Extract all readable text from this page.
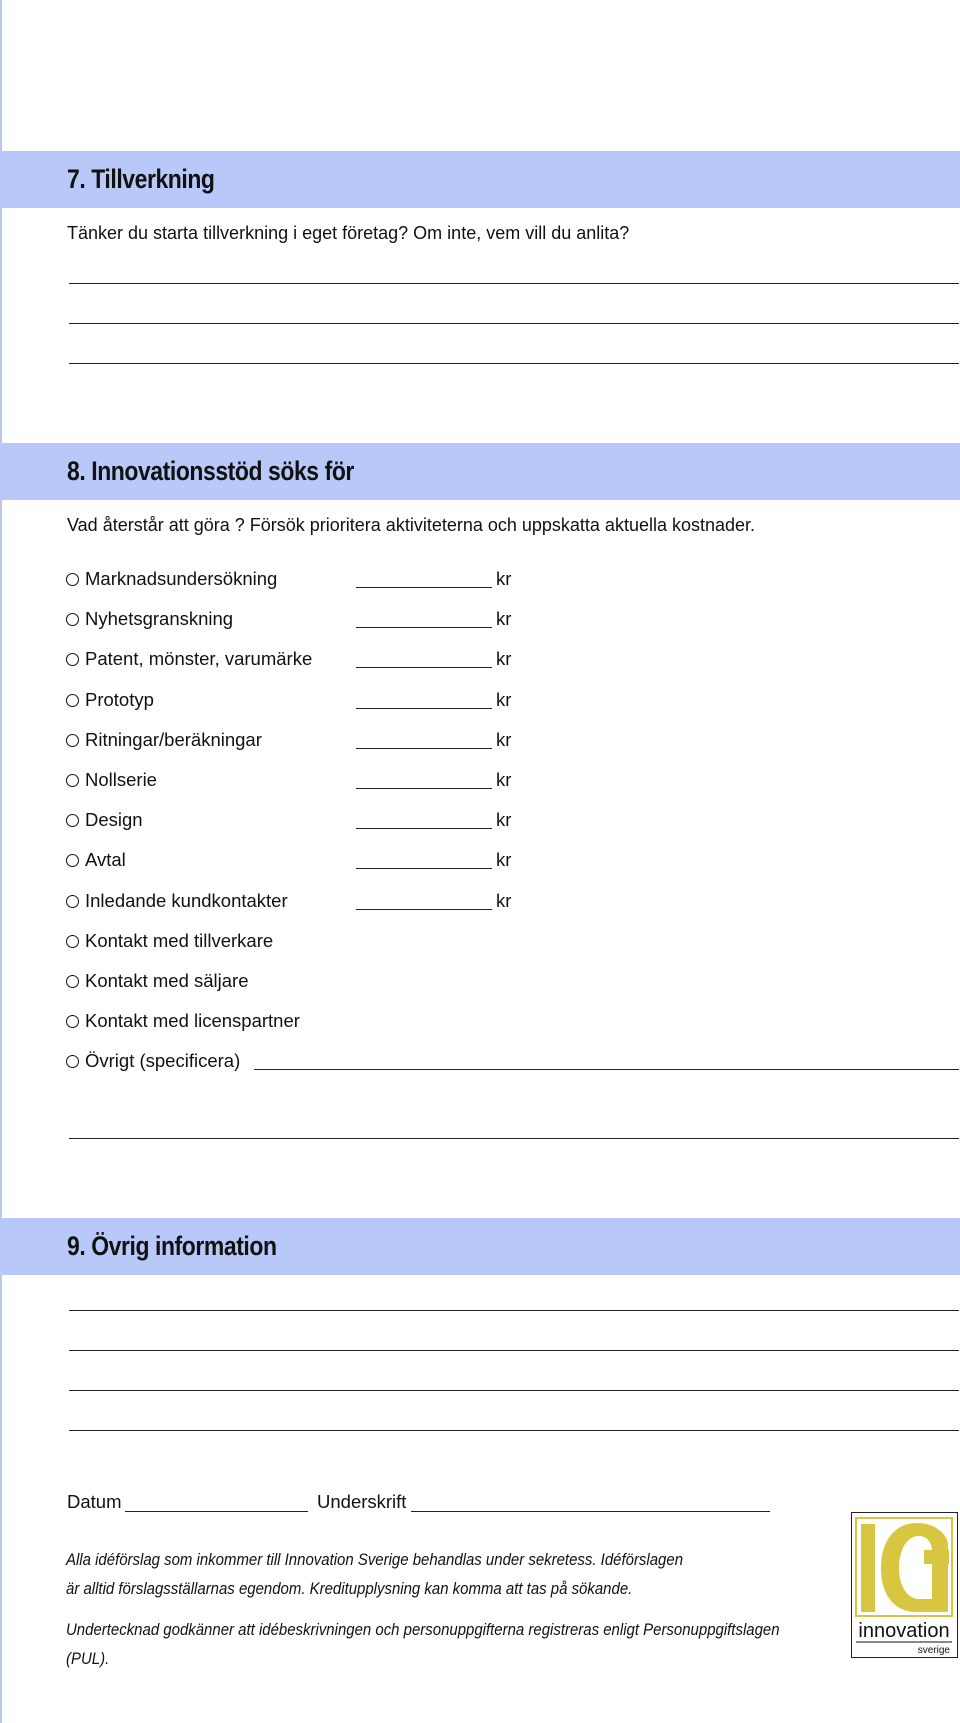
7. Tillverkning
Tänker du starta tillverkning i eget företag? Om inte, vem vill du anlita?
8. Innovationsstöd söks för
Vad återstår att göra ? Försök prioritera aktiviteterna och uppskatta aktuella kostnader.
Marknadsundersökning	kr
Nyhetsgranskning	kr
Patent, mönster, varumärke	kr
Prototyp	kr
Ritningar/beräkningar	kr
Nollserie	kr
Design	kr
Avtal	kr
Inledande kundkontakter	kr
Kontakt med tillverkare
Kontakt med säljare
Kontakt med licenspartner
Övrigt (specificera)
9. Övrig information
Datum	Underskrift
Alla idéförslag som inkommer till Innovation Sverige behandlas under sekretess. Idéförslagen
är alltid förslagsställarnas egendom. Kreditupplysning kan komma att tas på sökande.
Undertecknad godkänner att idébeskrivningen och personuppgifterna registreras enligt Personuppgiftslagen
(PUL).
innovation
sverige
